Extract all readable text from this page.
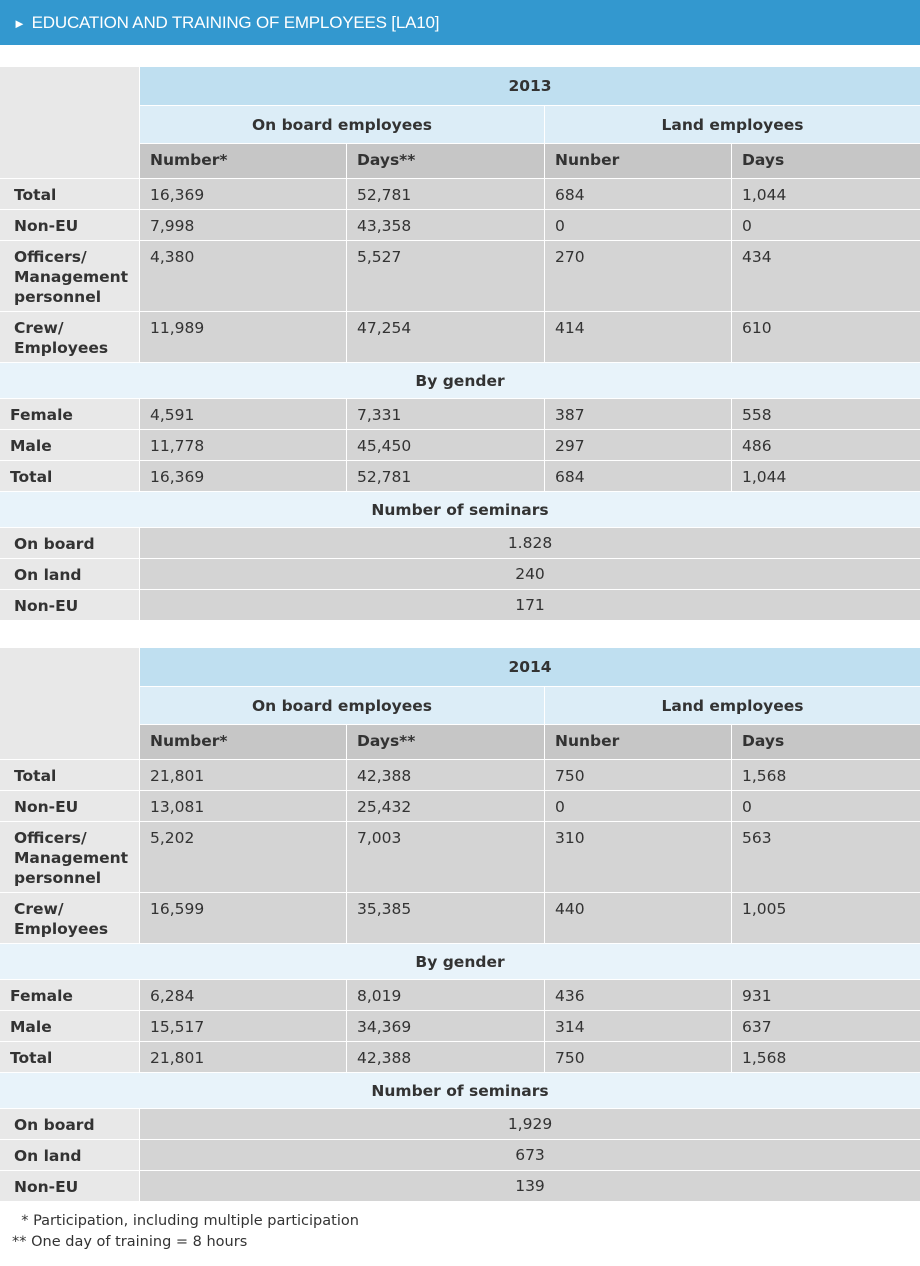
► EDUCATION AND TRAINING OF EMPLOYEES [LA10]
	2013			
	On board employees		Land employees	
	Number*	Days**	Nunber	Days
Total	16,369	52,781	684	1,044
Non-EU	7,998	43,358	0	0
Officers/
Management
personnel	4,380	5,527	270	434
Crew/
Employees	11,989	47,254	414	610
By gender				
Female	4,591	7,331	387	558
Male	11,778	45,450	297	486
Total	16,369	52,781	684	1,044
Number of seminars				
On board	1.828			
On land	240			
Non-EU	171			
	2014			
	On board employees		Land employees	
	Number*	Days**	Nunber	Days
Total	21,801	42,388	750	1,568
Non-EU	13,081	25,432	0	0
Officers/
Management
personnel	5,202	7,003	310	563
Crew/
Employees	16,599	35,385	440	1,005
By gender				
Female	6,284	8,019	436	931
Male	15,517	34,369	314	637
Total	21,801	42,388	750	1,568
Number of seminars				
On board	1,929			
On land	673			
Non-EU	139			
* Participation, including multiple participation
** One day of training = 8 hours
